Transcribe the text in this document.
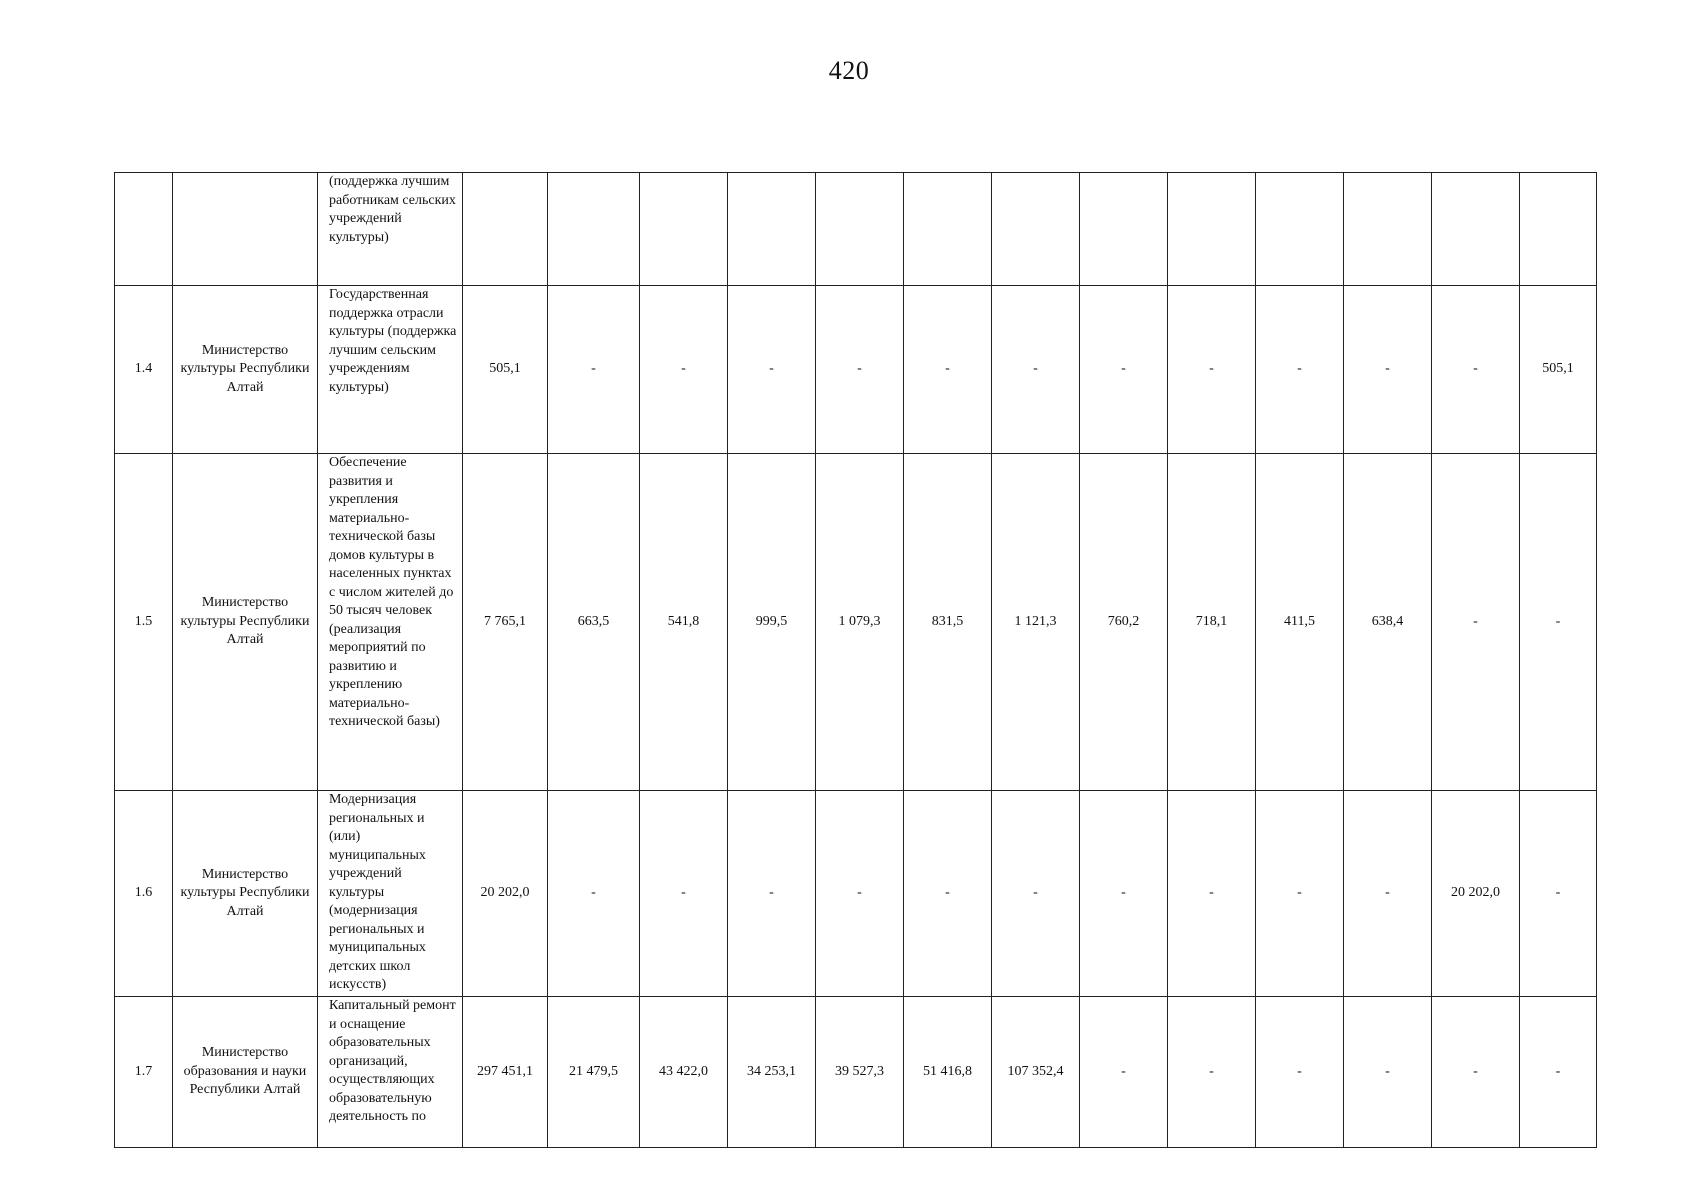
420
		(поддержка лучшим работникам сельских учреждений культуры)													
1.4	Министерство культуры Республики Алтай	Государственная поддержка отрасли культуры (поддержка лучшим сельским учреждениям культуры)	505,1	-	-	-	-	-	-	-	-	-	-	-	505,1
1.5	Министерство культуры Республики Алтай	Обеспечение развития и укрепления материально-технической базы домов культуры в населенных пунктах с числом жителей до 50 тысяч человек (реализация мероприятий по развитию и укреплению материально-технической базы)	7 765,1	663,5	541,8	999,5	1 079,3	831,5	1 121,3	760,2	718,1	411,5	638,4	-	-
1.6	Министерство культуры Республики Алтай	Модернизация региональных и (или) муниципальных учреждений культуры (модернизация региональных и муниципальных детских школ искусств)	20 202,0	-	-	-	-	-	-	-	-	-	-	20 202,0	-
1.7	Министерство образования и науки Республики Алтай	Капитальный ремонт и оснащение образовательных организаций, осуществляющих образовательную деятельность по	297 451,1	21 479,5	43 422,0	34 253,1	39 527,3	51 416,8	107 352,4	-	-	-	-	-	-
